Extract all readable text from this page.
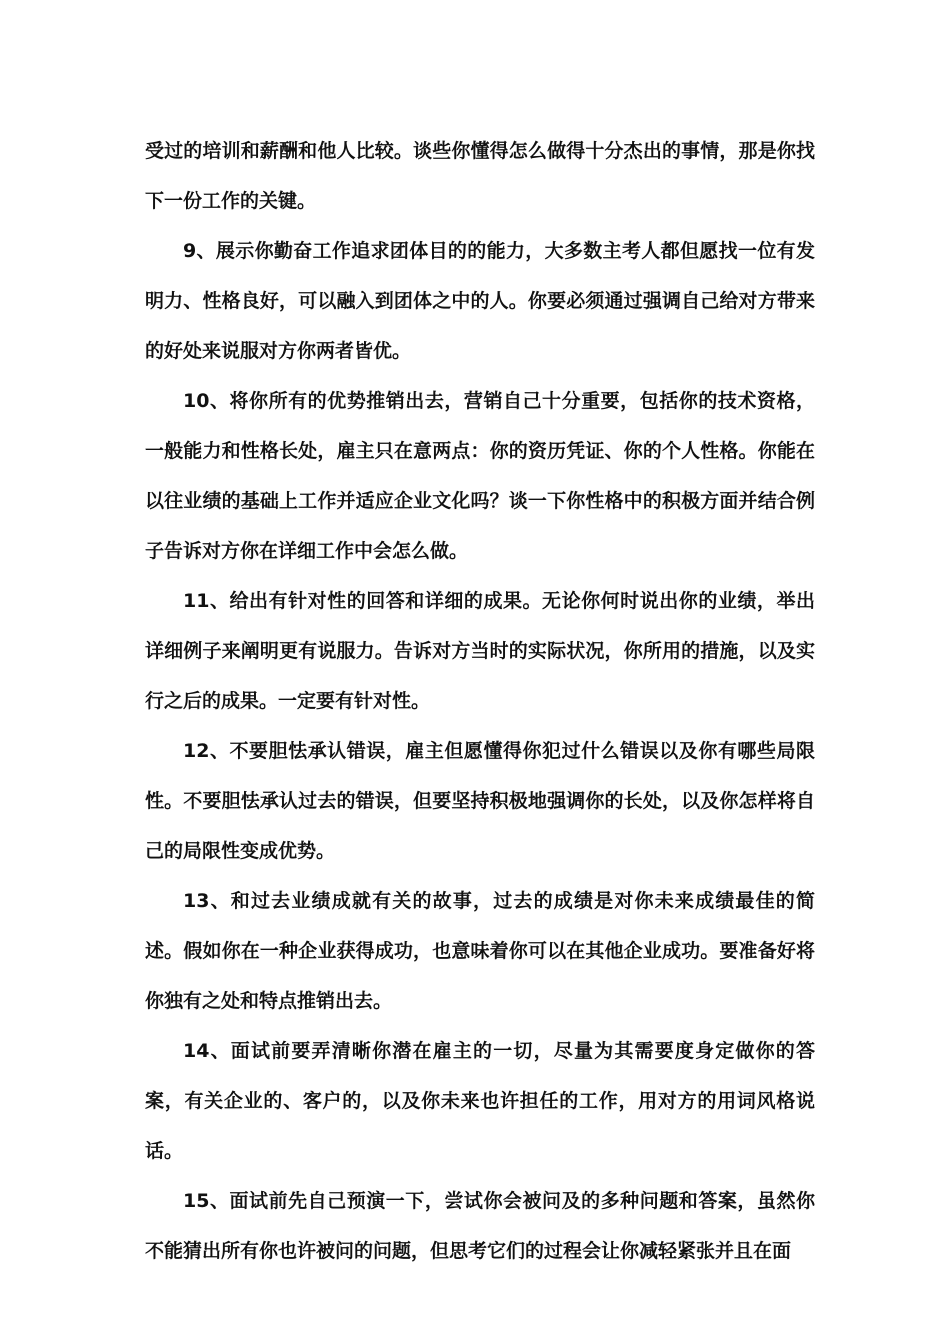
受过的培训和薪酬和他人比较。谈些你懂得怎么做得十分杰出的事情，那是你找下一份工作的关键。

9、展示你勤奋工作追求团体目的的能力，大多数主考人都但愿找一位有发明力、性格良好，可以融入到团体之中的人。你要必须通过强调自己给对方带来的好处来说服对方你两者皆优。

10、将你所有的优势推销出去，营销自己十分重要，包括你的技术资格，一般能力和性格长处，雇主只在意两点：你的资历凭证、你的个人性格。你能在以往业绩的基础上工作并适应企业文化吗？谈一下你性格中的积极方面并结合例子告诉对方你在详细工作中会怎么做。

11、给出有针对性的回答和详细的成果。无论你何时说出你的业绩，举出详细例子来阐明更有说服力。告诉对方当时的实际状况，你所用的措施，以及实行之后的成果。一定要有针对性。

12、不要胆怯承认错误，雇主但愿懂得你犯过什么错误以及你有哪些局限性。不要胆怯承认过去的错误，但要坚持积极地强调你的长处，以及你怎样将自己的局限性变成优势。

13、和过去业绩成就有关的故事，过去的成绩是对你未来成绩最佳的简述。假如你在一种企业获得成功，也意味着你可以在其他企业成功。要准备好将你独有之处和特点推销出去。

14、面试前要弄清晰你潜在雇主的一切，尽量为其需要度身定做你的答案，有关企业的、客户的，以及你未来也许担任的工作，用对方的用词风格说话。

15、面试前先自己预演一下，尝试你会被问及的多种问题和答案，虽然你不能猜出所有你也许被问的问题，但思考它们的过程会让你减轻紧张并且在面
